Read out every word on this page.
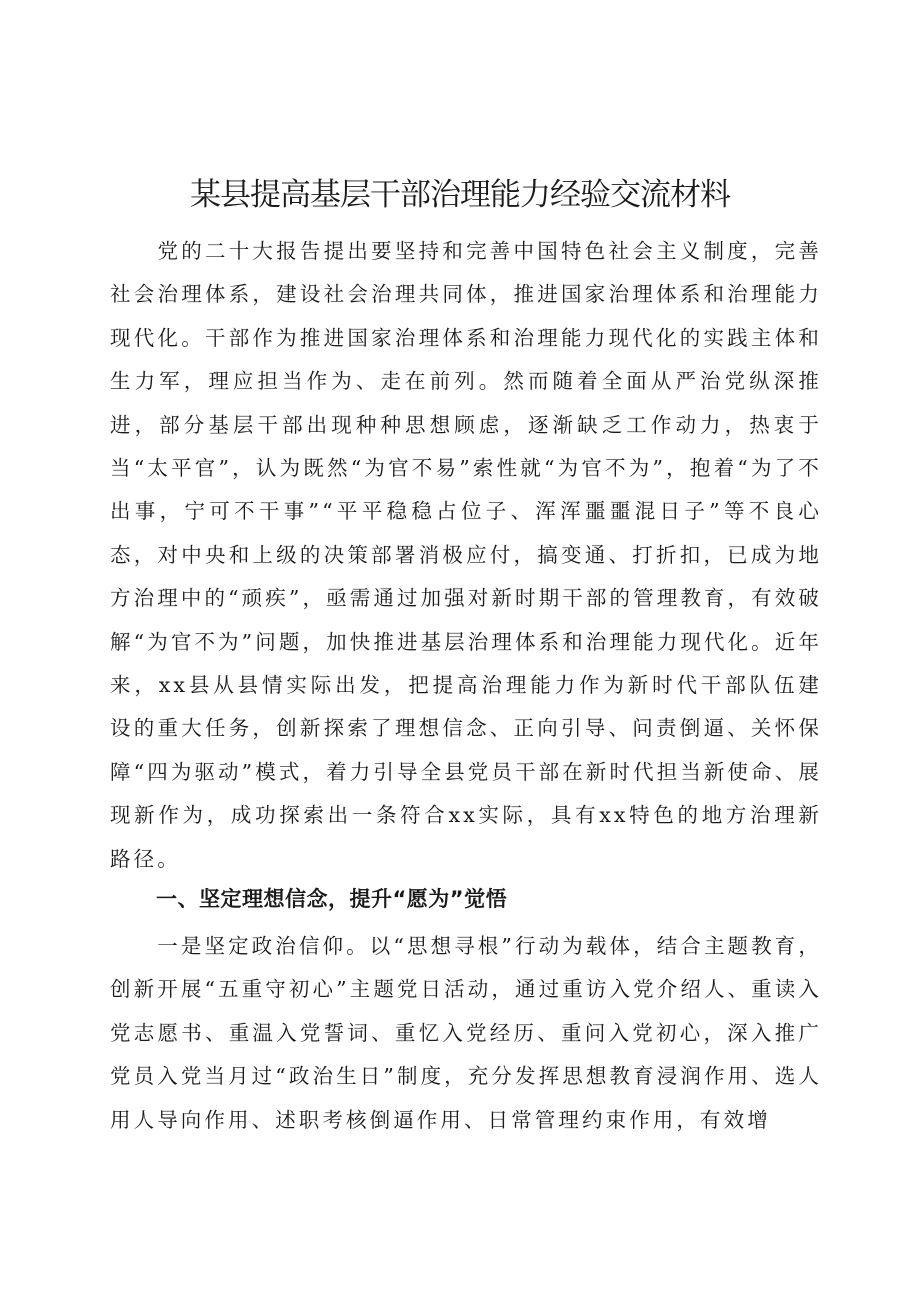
某县提高基层干部治理能力经验交流材料

　　党的二十大报告提出要坚持和完善中国特色社会主义制度，完善社会治理体系，建设社会治理共同体，推进国家治理体系和治理能力现代化。干部作为推进国家治理体系和治理能力现代化的实践主体和生力军，理应担当作为、走在前列。然而随着全面从严治党纵深推进，部分基层干部出现种种思想顾虑，逐渐缺乏工作动力，热衷于当“太平官”，认为既然“为官不易”索性就“为官不为”，抱着“为了不出事，宁可不干事”“平平稳稳占位子、浑浑噩噩混日子”等不良心态，对中央和上级的决策部署消极应付，搞变通、打折扣，已成为地方治理中的“顽疾”，亟需通过加强对新时期干部的管理教育，有效破解“为官不为”问题，加快推进基层治理体系和治理能力现代化。近年来，xx县从县情实际出发，把提高治理能力作为新时代干部队伍建设的重大任务，创新探索了理想信念、正向引导、问责倒逼、关怀保障“四为驱动”模式，着力引导全县党员干部在新时代担当新使命、展现新作为，成功探索出一条符合xx实际，具有xx特色的地方治理新路径。

一、坚定理想信念，提升“愿为”觉悟

　　一是坚定政治信仰。以“思想寻根”行动为载体，结合主题教育，创新开展“五重守初心”主题党日活动，通过重访入党介绍人、重读入党志愿书、重温入党誓词、重忆入党经历、重问入党初心，深入推广党员入党当月过“政治生日”制度，充分发挥思想教育浸润作用、选人用人导向作用、述职考核倒逼作用、日常管理约束作用，有效增
